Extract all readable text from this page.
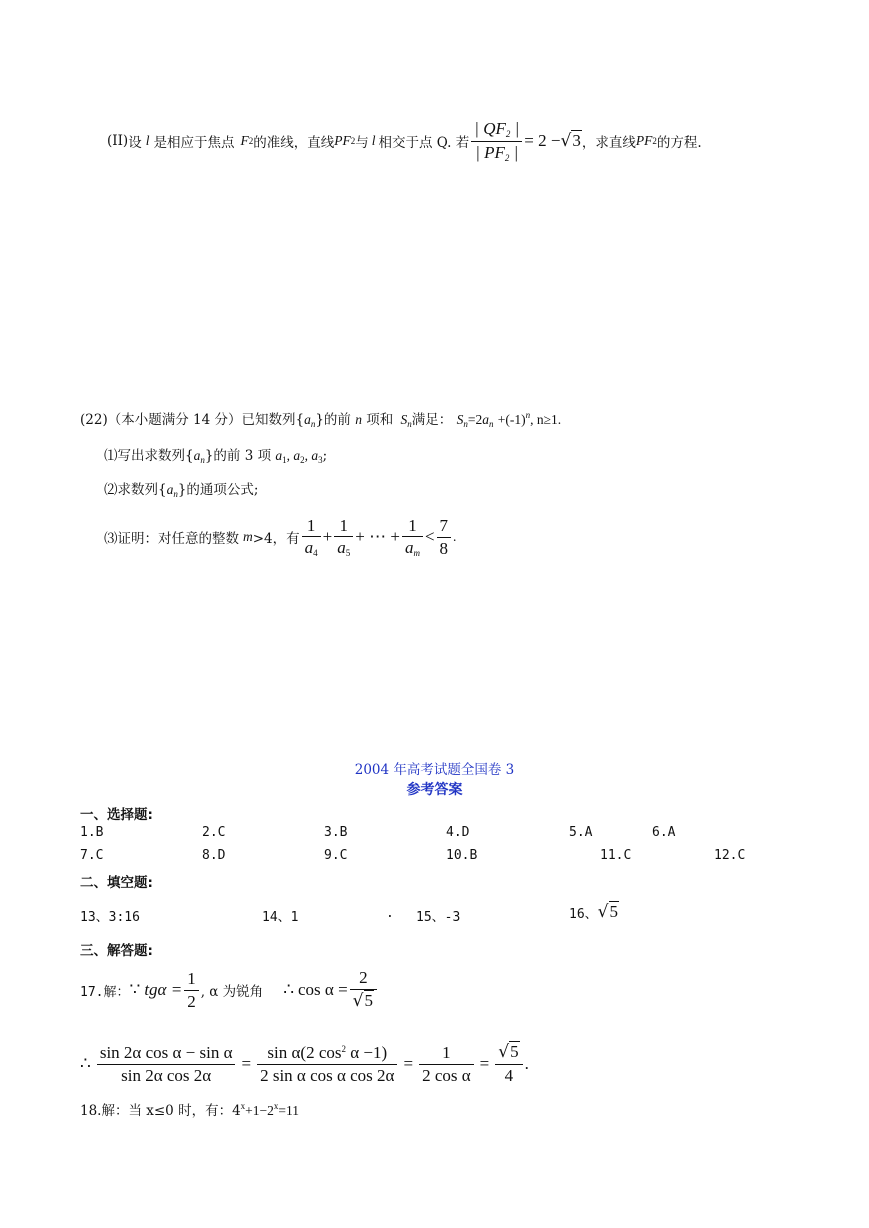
(II) 设 l 是相应于焦点 F 2 的准线，直线 PF 2 与 l 相交于点 Q. 若 $\frac{| QF_2 |}{| PF_2 |} = 2 - √3$ ，求直线 PF 2 的方程.
(22)（本小题满分 14 分）已知数列$\{a_n\}$的前 n 项和 $S_n$满足： $S_n=2a_n +(-1)^n$, n≥1.
⑴写出求数列$\{a_n\}$的前 3 项 $a_1$, $a_2$, $a_3$;
⑵求数列$\{a_n\}$的通项公式;
⑶ 证明：对任意的整数 m >4，有 $\frac{1}{a_4} + \frac{1}{a_5}$ + ⋯ + $\frac{1}{a_m} < \frac{7}{8}$ .
2004 年高考试题全国卷 3
参考答案
一、选择题:
1.B	2.C	3.B	4.D	5.A	6.A
7.C	8.D	9.C	10.B	11.C	12.C
二、填空题:
13、3:16	14、1	. 15、-3	16、 √5
三、解答题:
17.解： ∵ $tg\alpha = \frac{1}{2}$ , α 为锐角 ∴ $\cos \alpha = \frac{2}{√5}$
∴ $\frac{\text{sin 2α cos α − sin α}}{\text{sin 2α cos 2α}} = \frac{\sin \alpha(2 \cos^2 \alpha -1)}{\text{2 sin α cos α cos 2α}} = \frac{1}{\text{2 cos α}} = \frac{√5}{4}$ .
18.解：当 x≤0 时，有：$4^x+1-2^x=11$
